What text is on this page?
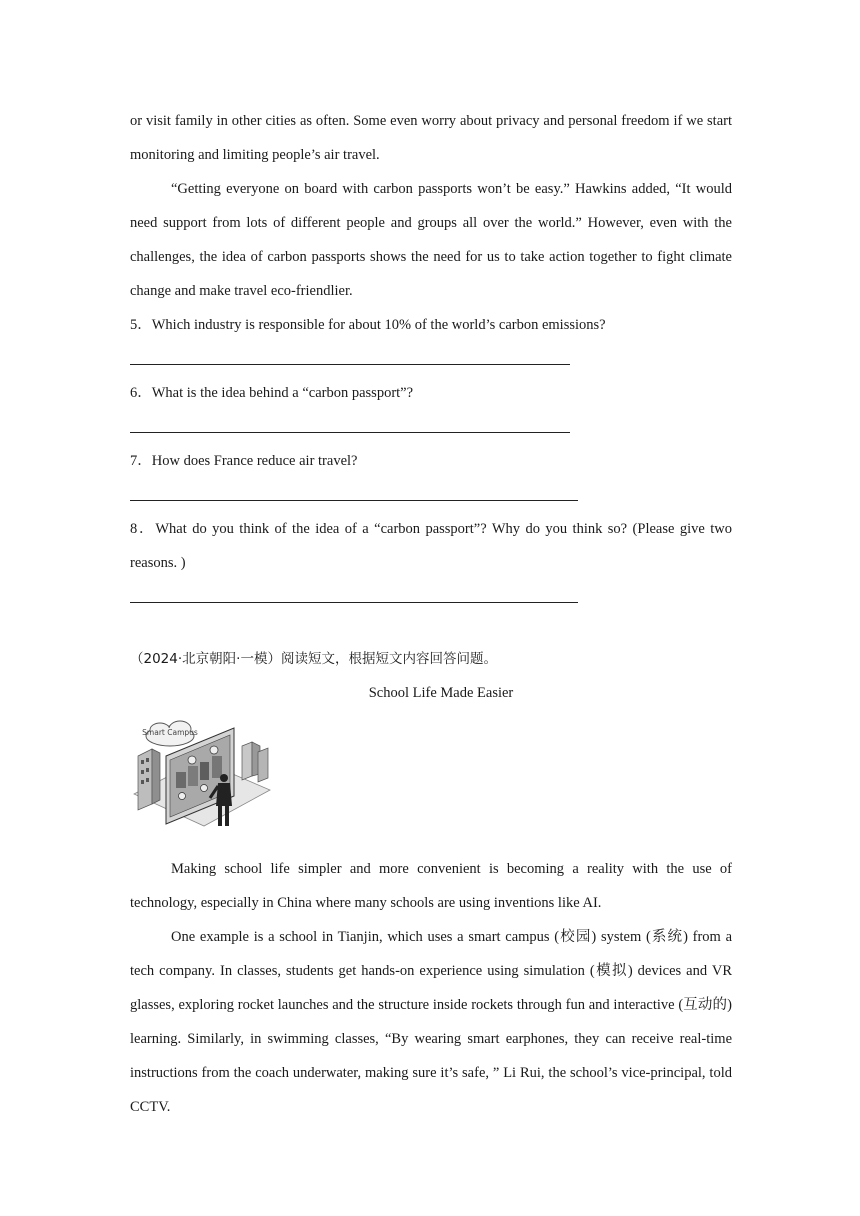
or visit family in other cities as often. Some even worry about privacy and personal freedom if we start monitoring and limiting people’s air travel.

“Getting everyone on board with carbon passports won’t be easy.” Hawkins added, “It would need support from lots of different people and groups all over the world.” However, even with the challenges, the idea of carbon passports shows the need for us to take action together to fight climate change and make travel eco-friendlier.

5．Which industry is responsible for about 10% of the world’s carbon emissions?

6．What is the idea behind a “carbon passport”?

7．How does France reduce air travel?

8．What do you think of the idea of a “carbon passport”? Why do you think so? (Please give two reasons. )

（2024·北京朝阳·一模）阅读短文，根据短文内容回答问题。

School Life Made Easier

Smart Campus

Making school life simpler and more convenient is becoming a reality with the use of technology, especially in China where many schools are using inventions like AI.

One example is a school in Tianjin, which uses a smart campus (校园) system (系统) from a tech company. In classes, students get hands-on experience using simulation (模拟) devices and VR glasses, exploring rocket launches and the structure inside rockets through fun and interactive (互动的) learning. Similarly, in swimming classes, “By wearing smart earphones, they can receive real-time instructions from the coach underwater, making sure it’s safe, ” Li Rui, the school’s vice-principal, told CCTV.
